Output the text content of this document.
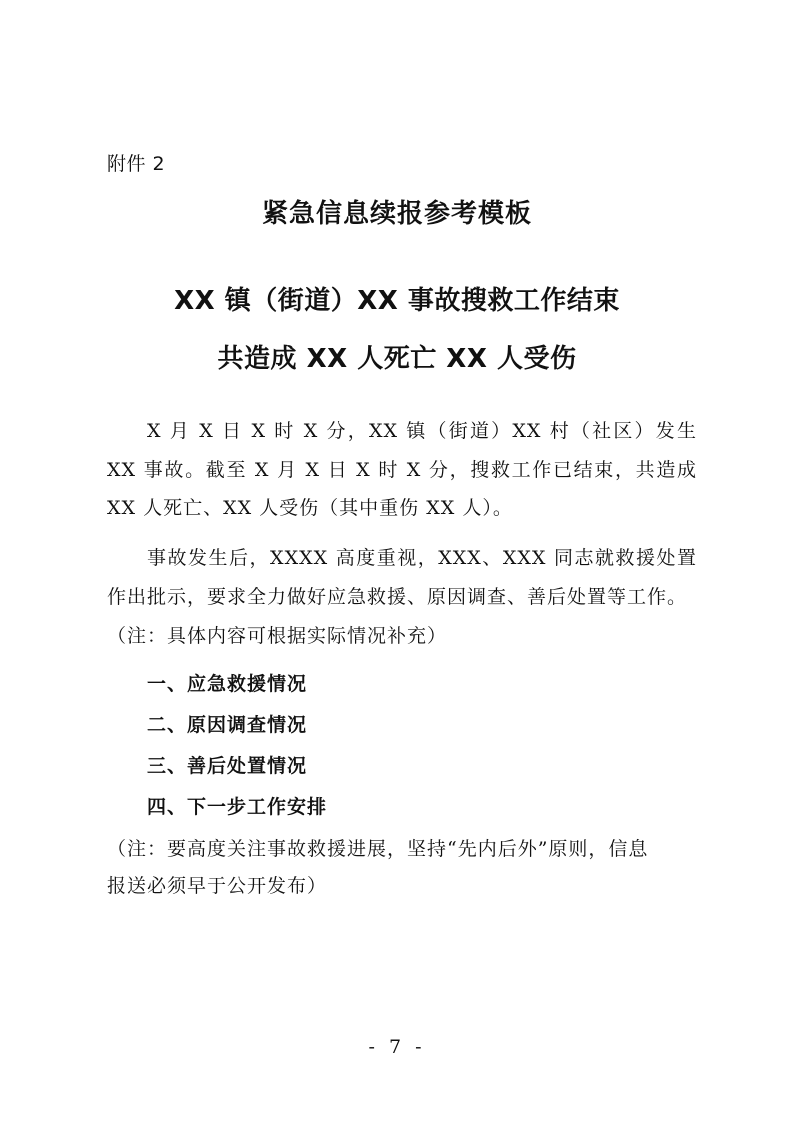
附件 2
紧急信息续报参考模板
XX 镇（街道）XX 事故搜救工作结束
共造成 XX 人死亡 XX 人受伤
X 月 X 日 X 时 X 分，XX 镇（街道）XX 村（社区）发生 XX 事故。截至 X 月 X 日 X 时 X 分，搜救工作已结束，共造成 XX 人死亡、XX 人受伤（其中重伤 XX 人）。
事故发生后，XXXX 高度重视，XXX、XXX 同志就救援处置作出批示，要求全力做好应急救援、原因调查、善后处置等工作。
（注：具体内容可根据实际情况补充）
一、应急救援情况
二、原因调查情况
三、善后处置情况
四、下一步工作安排
（注：要高度关注事故救援进展，坚持“先内后外”原则，信息报送必须早于公开发布）
- 7 -
